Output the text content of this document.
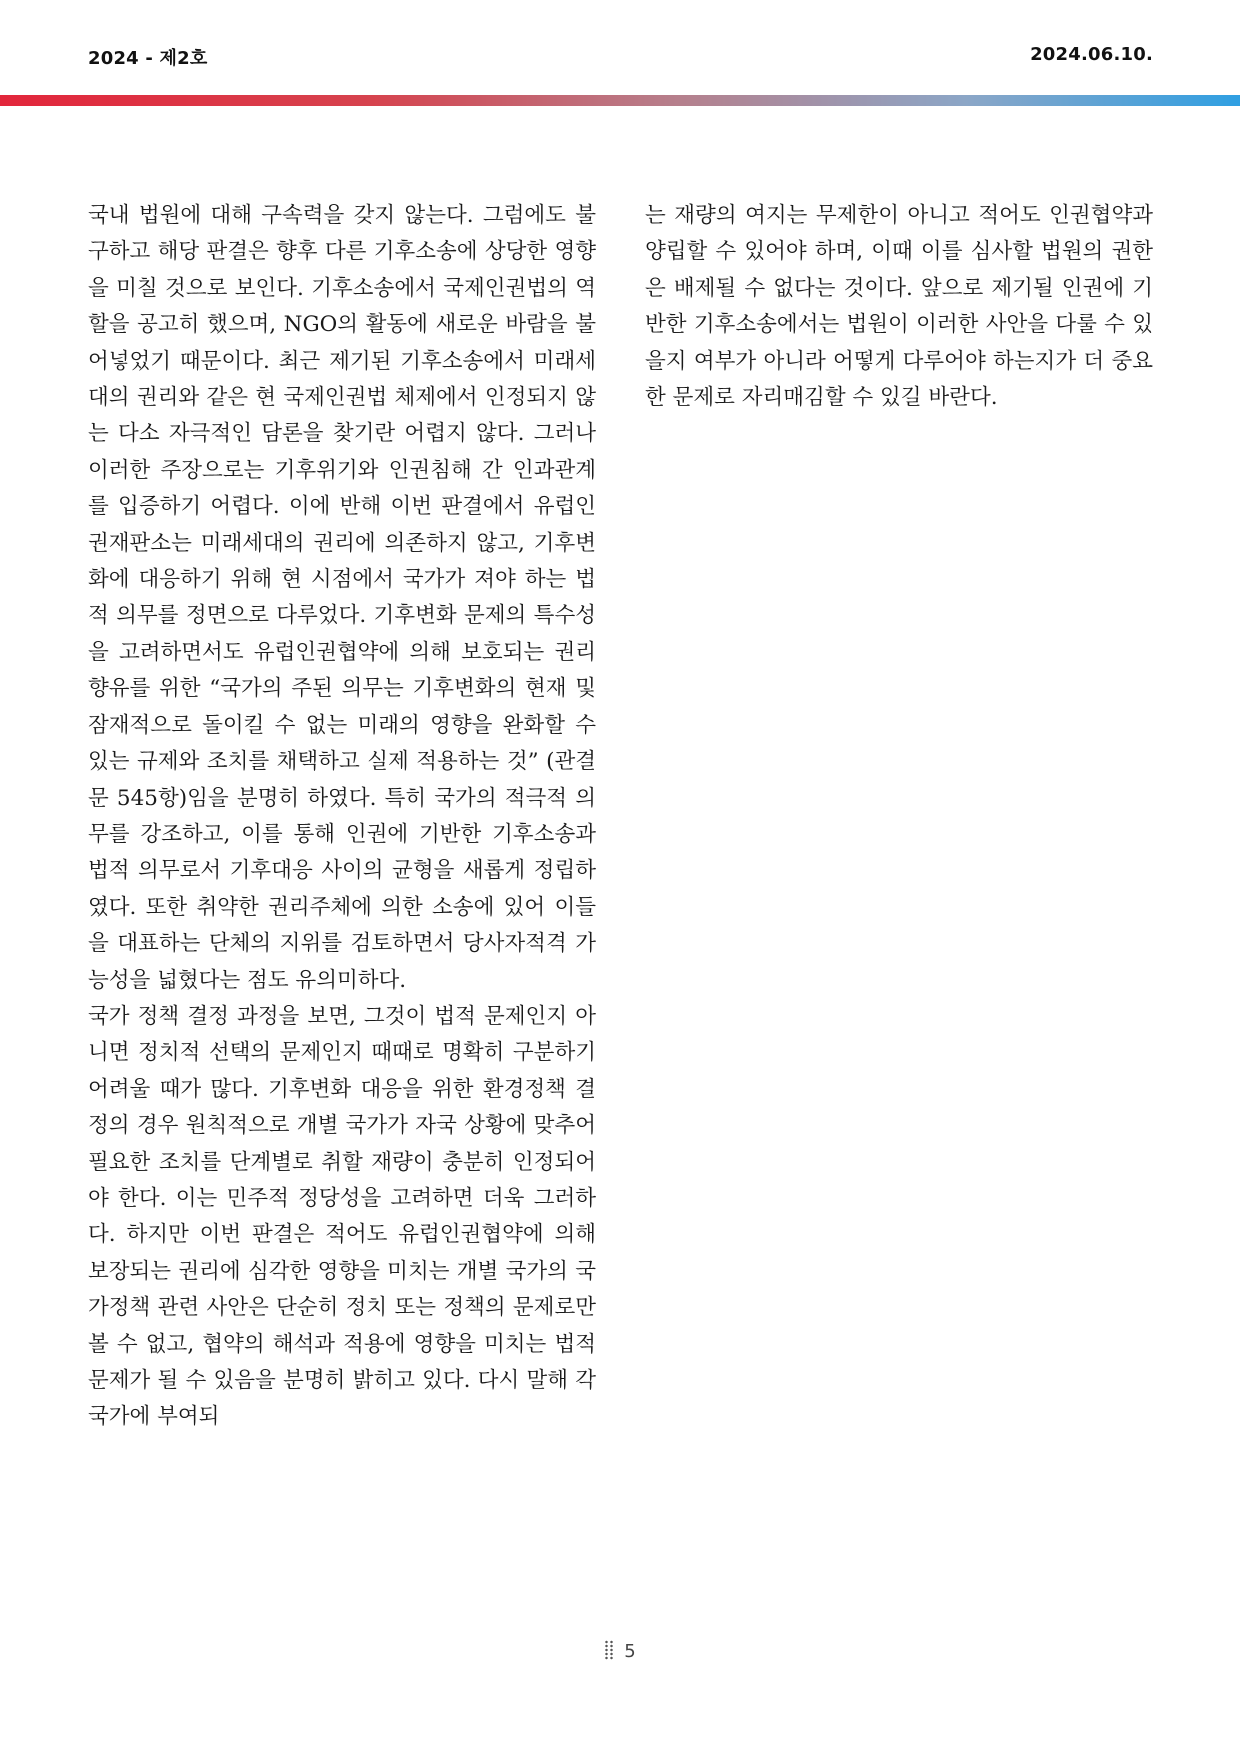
2024 - 제2호	2024.06.10.

국내 법원에 대해 구속력을 갖지 않는다. 그럼에도 불구하고 해당 판결은 향후 다른 기후소송에 상당한 영향을 미칠 것으로 보인다. 기후소송에서 국제인권법의 역할을 공고히 했으며, NGO의 활동에 새로운 바람을 불어넣었기 때문이다. 최근 제기된 기후소송에서 미래세대의 권리와 같은 현 국제인권법 체제에서 인정되지 않는 다소 자극적인 담론을 찾기란 어렵지 않다. 그러나 이러한 주장으로는 기후위기와 인권침해 간 인과관계를 입증하기 어렵다. 이에 반해 이번 판결에서 유럽인권재판소는 미래세대의 권리에 의존하지 않고, 기후변화에 대응하기 위해 현 시점에서 국가가 져야 하는 법적 의무를 정면으로 다루었다. 기후변화 문제의 특수성을 고려하면서도 유럽인권협약에 의해 보호되는 권리 향유를 위한 “국가의 주된 의무는 기후변화의 현재 및 잠재적으로 돌이킬 수 없는 미래의 영향을 완화할 수 있는 규제와 조치를 채택하고 실제 적용하는 것” (관결문 545항)임을 분명히 하였다. 특히 국가의 적극적 의무를 강조하고, 이를 통해 인권에 기반한 기후소송과 법적 의무로서 기후대응 사이의 균형을 새롭게 정립하였다. 또한 취약한 권리주체에 의한 소송에 있어 이들을 대표하는 단체의 지위를 검토하면서 당사자적격 가능성을 넓혔다는 점도 유의미하다.

국가 정책 결정 과정을 보면, 그것이 법적 문제인지 아니면 정치적 선택의 문제인지 때때로 명확히 구분하기 어려울 때가 많다. 기후변화 대응을 위한 환경정책 결정의 경우 원칙적으로 개별 국가가 자국 상황에 맞추어 필요한 조치를 단계별로 취할 재량이 충분히 인정되어야 한다. 이는 민주적 정당성을 고려하면 더욱 그러하다. 하지만 이번 판결은 적어도 유럽인권협약에 의해 보장되는 권리에 심각한 영향을 미치는 개별 국가의 국가정책 관련 사안은 단순히 정치 또는 정책의 문제로만 볼 수 없고, 협약의 해석과 적용에 영향을 미치는 법적 문제가 될 수 있음을 분명히 밝히고 있다. 다시 말해 각 국가에 부여되

는 재량의 여지는 무제한이 아니고 적어도 인권협약과 양립할 수 있어야 하며, 이때 이를 심사할 법원의 권한은 배제될 수 없다는 것이다. 앞으로 제기될 인권에 기반한 기후소송에서는 법원이 이러한 사안을 다룰 수 있을지 여부가 아니라 어떻게 다루어야 하는지가 더 중요한 문제로 자리매김할 수 있길 바란다.

5
